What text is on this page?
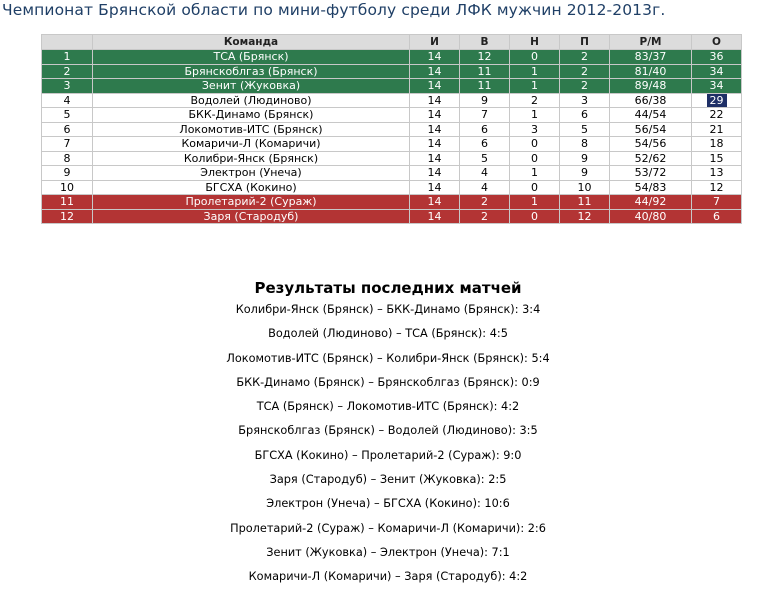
Чемпионат Брянской области по мини-футболу среди ЛФК мужчин 2012-2013г.
	Команда	И	В	Н	П	Р/М	О
1	ТСА (Брянск)	14	12	0	2	83/37	36
2	Брянскоблгаз (Брянск)	14	11	1	2	81/40	34
3	Зенит (Жуковка)	14	11	1	2	89/48	34
4	Водолей (Людиново)	14	9	2	3	66/38	29
5	БКК-Динамо (Брянск)	14	7	1	6	44/54	22
6	Локомотив-ИТС (Брянск)	14	6	3	5	56/54	21
7	Комаричи-Л (Комаричи)	14	6	0	8	54/56	18
8	Колибри-Янск (Брянск)	14	5	0	9	52/62	15
9	Электрон (Унеча)	14	4	1	9	53/72	13
10	БГСХА (Кокино)	14	4	0	10	54/83	12
11	Пролетарий-2 (Сураж)	14	2	1	11	44/92	7
12	Заря (Стародуб)	14	2	0	12	40/80	6
Результаты последних матчей
Колибри-Янск (Брянск) – БКК-Динамо (Брянск): 3:4
Водолей (Людиново) – ТСА (Брянск): 4:5
Локомотив-ИТС (Брянск) – Колибри-Янск (Брянск): 5:4
БКК-Динамо (Брянск) – Брянскоблгаз (Брянск): 0:9
ТСА (Брянск) – Локомотив-ИТС (Брянск): 4:2
Брянскоблгаз (Брянск) – Водолей (Людиново): 3:5
БГСХА (Кокино) – Пролетарий-2 (Сураж): 9:0
Заря (Стародуб) – Зенит (Жуковка): 2:5
Электрон (Унеча) – БГСХА (Кокино): 10:6
Пролетарий-2 (Сураж) – Комаричи-Л (Комаричи): 2:6
Зенит (Жуковка) – Электрон (Унеча): 7:1
Комаричи-Л (Комаричи) – Заря (Стародуб): 4:2
